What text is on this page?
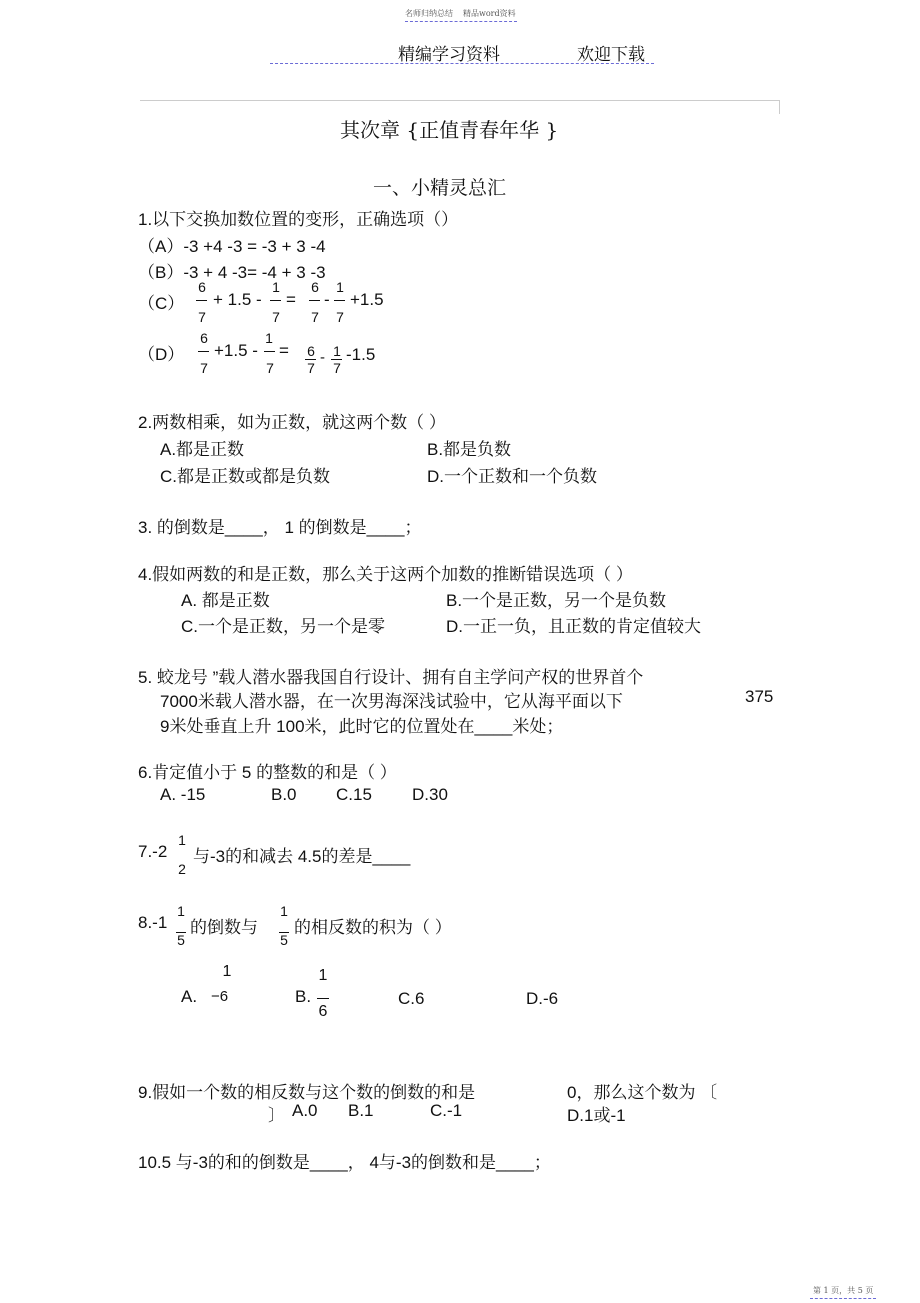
名师归纳总结 精品word资料
精编学习资料	欢迎下载
其次章 {正值青春年华 }
一、小精灵总汇
1.以下交换加数位置的变形，正确选项（）
（A）-3 +4 -3 = -3 + 3 -4
（B）-3 + 4 -3= -4 + 3 -3
（C）
6
7
+ 1.5 -
1
7
=
6
7
-
1
7
+1.5
（D）
6
7
+1.5 -
1
7
= 6
7
- 1
7
-1.5
2.两数相乘，如为正数，就这两个数（ ）
A.都是正数	B.都是负数
C.都是正数或都是负数	D.一个正数和一个负数
3. 的倒数是____， 1 的倒数是____；
4.假如两数的和是正数，那么关于这两个加数的推断错误选项（ ）
A. 都是正数	B.一个是正数，另一个是负数
C.一个是正数，另一个是零	D.一正一负，且正数的肯定值较大
5. 蛟龙号 ”载人潜水器我国自行设计、拥有自主学问产权的世界首个
7000米载人潜水器，在一次男海深浅试验中，它从海平面以下	375
9米处垂直上升 100米，此时它的位置处在____米处；
6.肯定值小于 5 的整数的和是（ ）
A. -15	B.0 C.15 D.30
7.-2
1
2
与-3的和减去 4.5的差是____
8.-1
1
5
的倒数与
1
5
的相反数的积为（ ）
A.
1
−6	B.
1
6
C.6	D.-6
9.假如一个数的相反数与这个数的倒数的和是	0，那么这个数为 〔
〕 A.0 B.1	C.-1	D.1或-1
10.5 与-3的和的倒数是____， 4与-3的倒数和是____；
第 1 页，共 5 页
